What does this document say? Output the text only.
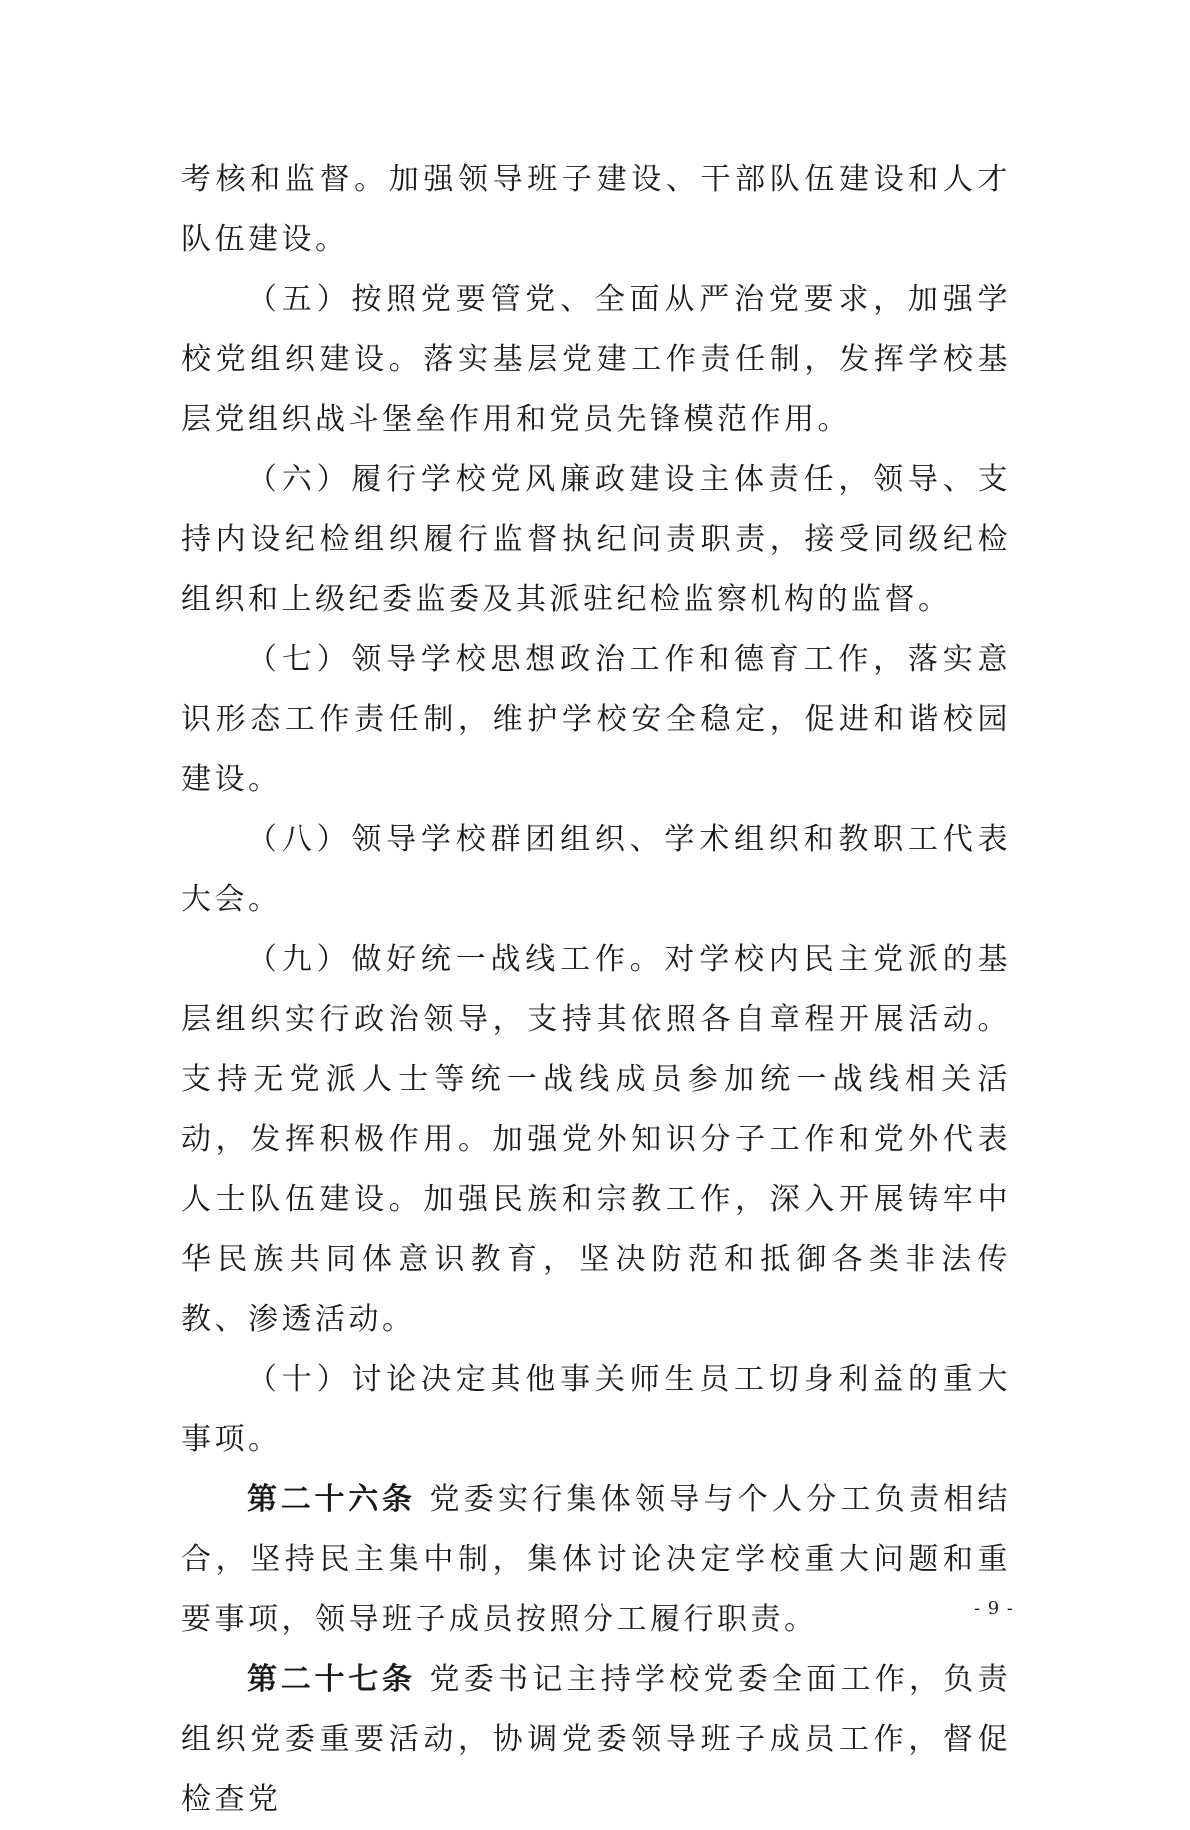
考核和监督。加强领导班子建设、干部队伍建设和人才队伍建设。

（五）按照党要管党、全面从严治党要求，加强学校党组织建设。落实基层党建工作责任制，发挥学校基层党组织战斗堡垒作用和党员先锋模范作用。

（六）履行学校党风廉政建设主体责任，领导、支持内设纪检组织履行监督执纪问责职责，接受同级纪检组织和上级纪委监委及其派驻纪检监察机构的监督。

（七）领导学校思想政治工作和德育工作，落实意识形态工作责任制，维护学校安全稳定，促进和谐校园建设。

（八）领导学校群团组织、学术组织和教职工代表大会。

（九）做好统一战线工作。对学校内民主党派的基层组织实行政治领导，支持其依照各自章程开展活动。支持无党派人士等统一战线成员参加统一战线相关活动，发挥积极作用。加强党外知识分子工作和党外代表人士队伍建设。加强民族和宗教工作，深入开展铸牢中华民族共同体意识教育，坚决防范和抵御各类非法传教、渗透活动。

（十）讨论决定其他事关师生员工切身利益的重大事项。

第二十六条 党委实行集体领导与个人分工负责相结合，坚持民主集中制，集体讨论决定学校重大问题和重要事项，领导班子成员按照分工履行职责。

第二十七条 党委书记主持学校党委全面工作，负责组织党委重要活动，协调党委领导班子成员工作，督促检查党

- 9 -
